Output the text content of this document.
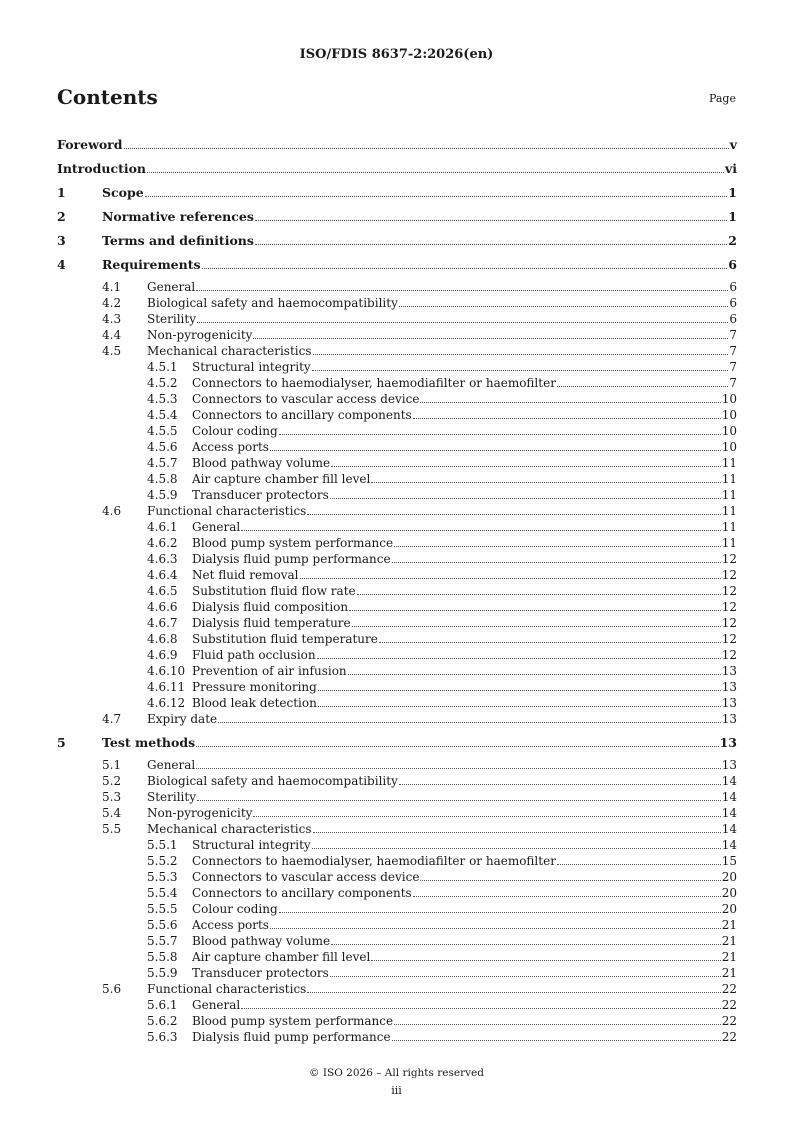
ISO/FDIS 8637-2:2026(en)
Contents	Page
Foreword	v
Introduction	vi
1	Scope	1
2	Normative references	1
3	Terms and definitions	2
4	Requirements	6
4.1	General	6
4.2	Biological safety and haemocompatibility	6
4.3	Sterility	6
4.4	Non-pyrogenicity	7
4.5	Mechanical characteristics	7
4.5.1	Structural integrity	7
4.5.2	Connectors to haemodialyser, haemodiafilter or haemofilter	7
4.5.3	Connectors to vascular access device	10
4.5.4	Connectors to ancillary components	10
4.5.5	Colour coding	10
4.5.6	Access ports	10
4.5.7	Blood pathway volume	11
4.5.8	Air capture chamber fill level	11
4.5.9	Transducer protectors	11
4.6	Functional characteristics	11
4.6.1	General	11
4.6.2	Blood pump system performance	11
4.6.3	Dialysis fluid pump performance	12
4.6.4	Net fluid removal	12
4.6.5	Substitution fluid flow rate	12
4.6.6	Dialysis fluid composition	12
4.6.7	Dialysis fluid temperature	12
4.6.8	Substitution fluid temperature	12
4.6.9	Fluid path occlusion	12
4.6.10 Prevention of air infusion	13
4.6.11 Pressure monitoring	13
4.6.12 Blood leak detection	13
4.7	Expiry date	13
5	Test methods	13
5.1	General	13
5.2	Biological safety and haemocompatibility	14
5.3	Sterility	14
5.4	Non-pyrogenicity	14
5.5	Mechanical characteristics	14
5.5.1	Structural integrity	14
5.5.2	Connectors to haemodialyser, haemodiafilter or haemofilter	15
5.5.3	Connectors to vascular access device	20
5.5.4	Connectors to ancillary components	20
5.5.5	Colour coding	20
5.5.6	Access ports	21
5.5.7	Blood pathway volume	21
5.5.8	Air capture chamber fill level	21
5.5.9	Transducer protectors	21
5.6	Functional characteristics	22
5.6.1	General	22
5.6.2	Blood pump system performance	22
5.6.3	Dialysis fluid pump performance	22
© ISO 2026 – All rights reserved
iii
